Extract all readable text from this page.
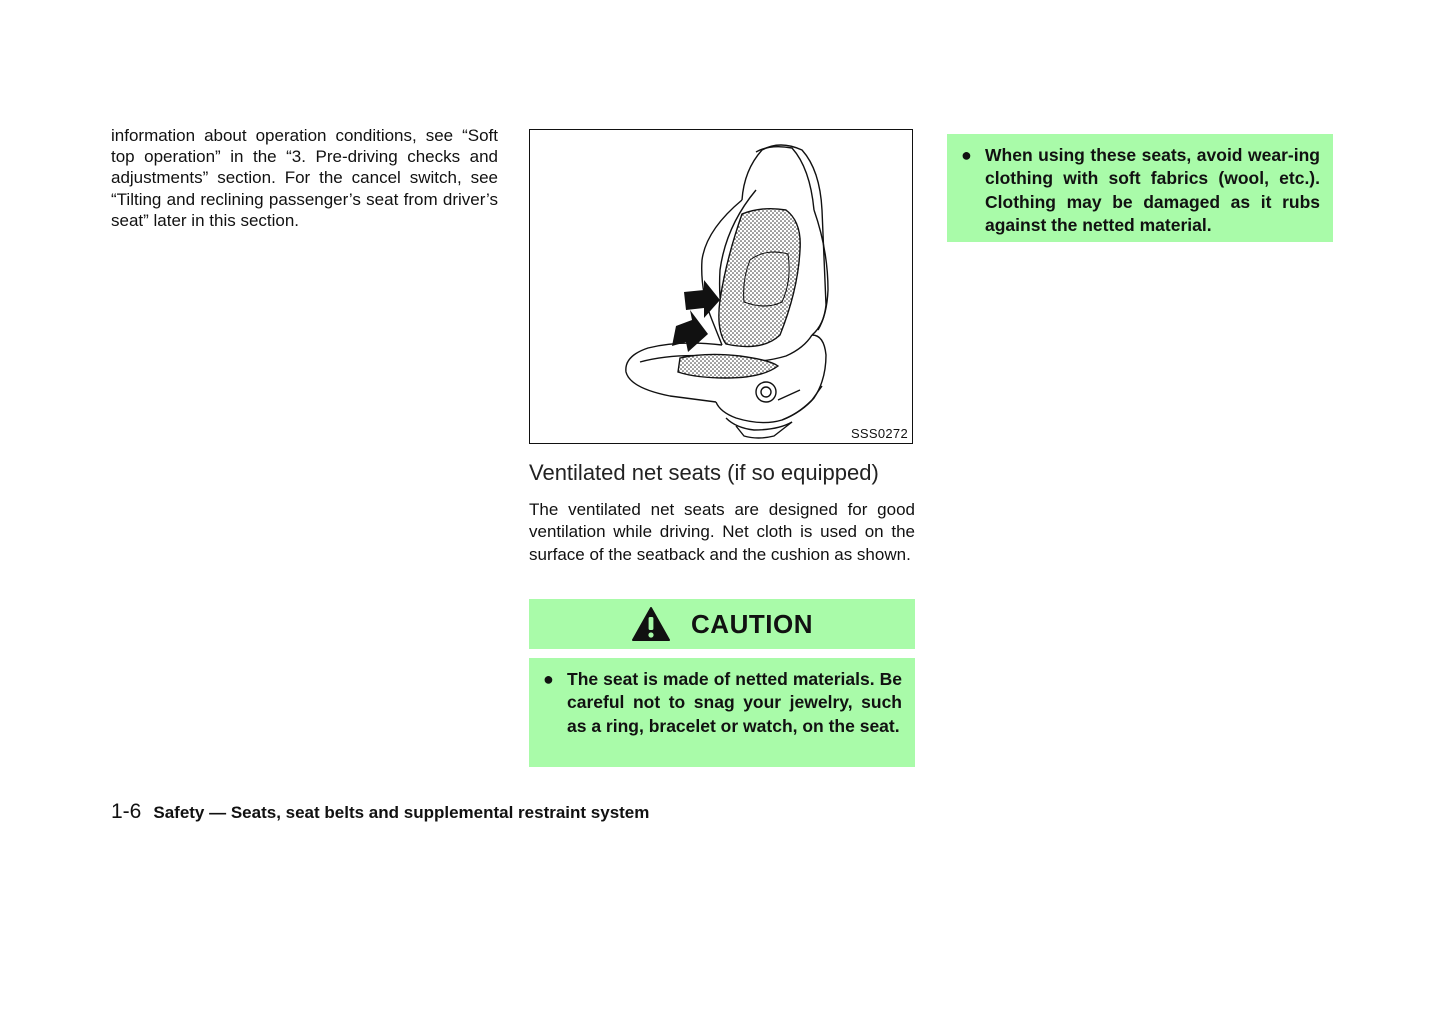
information about operation conditions, see “Soft top operation” in the “3. Pre-driving checks and adjustments” section. For the cancel switch, see “Tilting and reclining passenger’s seat from driver’s seat” later in this section.
SSS0272
Ventilated net seats (if so equipped)
The ventilated net seats are designed for good ventilation while driving. Net cloth is used on the surface of the seatback and the cushion as shown.
CAUTION
● The seat is made of netted materials. Be careful not to snag your jewelry, such as a ring, bracelet or watch, on the seat.
● When using these seats, avoid wear-ing clothing with soft fabrics (wool, etc.). Clothing may be damaged as it rubs against the netted material.
1-6 Safety — Seats, seat belts and supplemental restraint system
